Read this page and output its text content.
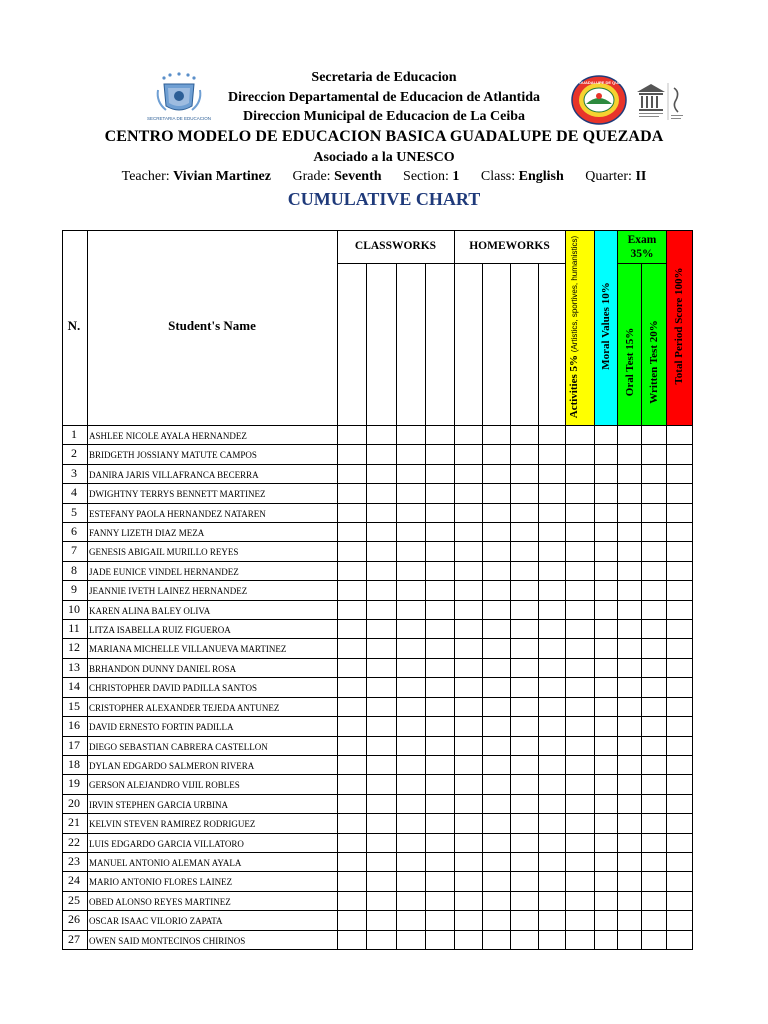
SECRETARIA DE EDUCACION
C.E.B. GUADALUPE DE QUEZADA
Secretaria de Educacion
Direccion Departamental de Educacion de Atlantida
Direccion Municipal de Educacion de La Ceiba
CENTRO MODELO DE EDUCACION BASICA GUADALUPE DE QUEZADA
Asociado a la UNESCO
Teacher: Vivian Martinez Grade: Seventh Section: 1 Class: English Quarter: II
CUMULATIVE CHART
N.	Student's Name
CLASSWORKS	HOMEWORKS	Exam 35%
Activities 5% (Artistics, sportives, humanistics)	Moral Values 10% Oral Test 15% Written Test 20% Total Period Score 100%
1	ASHLEE NICOLE AYALA HERNANDEZ
2	BRIDGETH JOSSIANY MATUTE CAMPOS
3	DANIRA JARIS VILLAFRANCA BECERRA
4	DWIGHTNY TERRYS BENNETT MARTINEZ
5	ESTEFANY PAOLA HERNANDEZ NATAREN
6	FANNY LIZETH DIAZ MEZA
7	GENESIS ABIGAIL MURILLO REYES
8	JADE EUNICE VINDEL HERNANDEZ
9	JEANNIE IVETH LAINEZ HERNANDEZ
10	KAREN ALINA BALEY OLIVA
11	LITZA ISABELLA RUIZ FIGUEROA
12	MARIANA MICHELLE VILLANUEVA MARTINEZ
13	BRHANDON DUNNY DANIEL ROSA
14	CHRISTOPHER DAVID PADILLA SANTOS
15	CRISTOPHER ALEXANDER TEJEDA ANTUNEZ
16	DAVID ERNESTO FORTIN PADILLA
17	DIEGO SEBASTIAN CABRERA CASTELLON
18	DYLAN EDGARDO SALMERON RIVERA
19	GERSON ALEJANDRO VIJIL ROBLES
20	IRVIN STEPHEN GARCIA URBINA
21	KELVIN STEVEN RAMIREZ RODRIGUEZ
22	LUIS EDGARDO GARCIA VILLATORO
23	MANUEL ANTONIO ALEMAN AYALA
24	MARIO ANTONIO FLORES LAINEZ
25	OBED ALONSO REYES MARTINEZ
26	OSCAR ISAAC VILORIO ZAPATA
27	OWEN SAID MONTECINOS CHIRINOS
